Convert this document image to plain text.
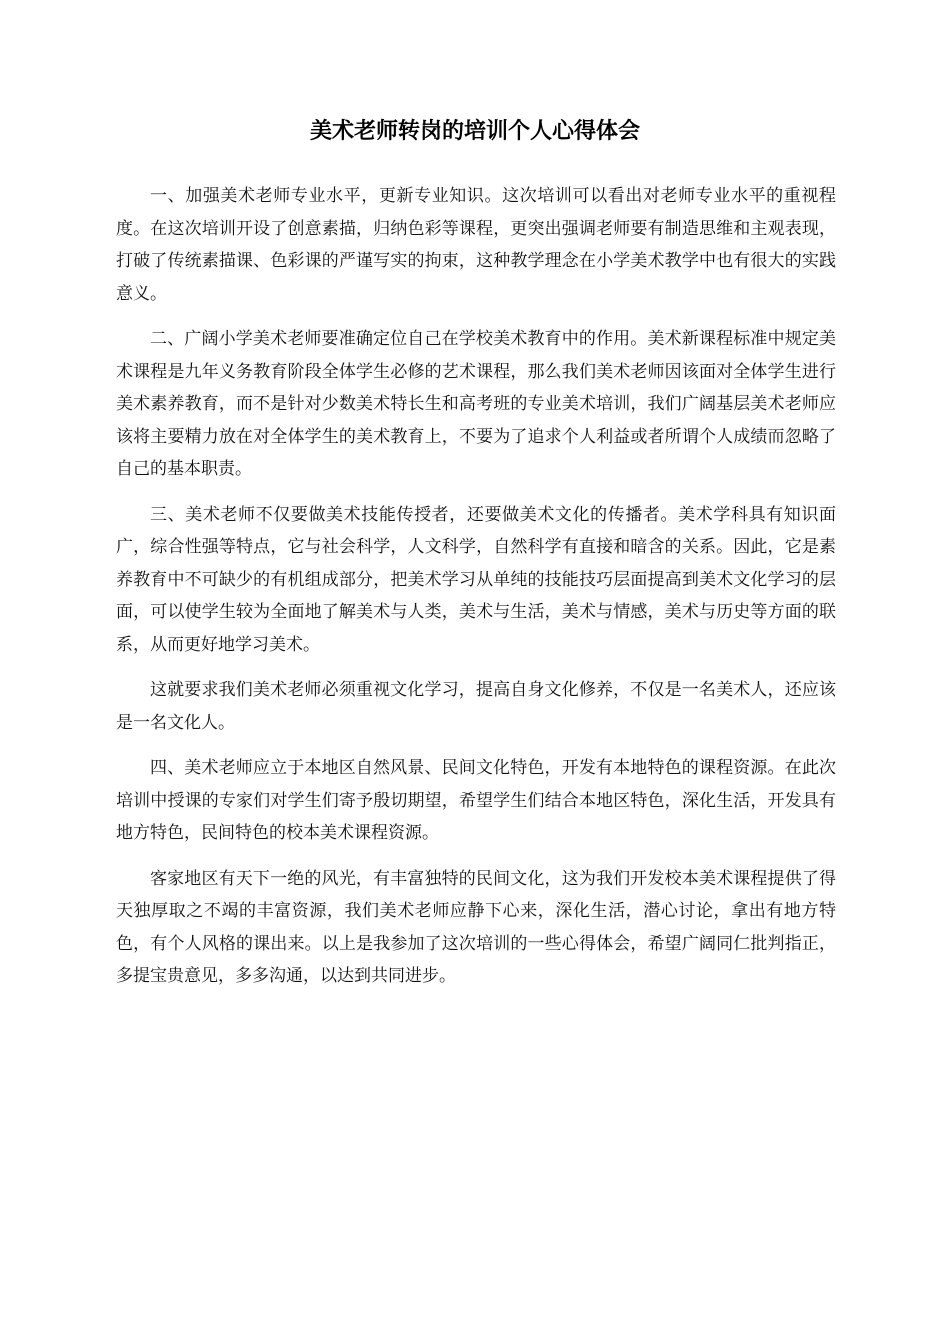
美术老师转岗的培训个人心得体会

一、加强美术老师专业水平，更新专业知识。这次培训可以看出对老师专业水平的重视程度。在这次培训开设了创意素描，归纳色彩等课程，更突出强调老师要有制造思维和主观表现，打破了传统素描课、色彩课的严谨写实的拘束，这种教学理念在小学美术教学中也有很大的实践意义。

二、广阔小学美术老师要准确定位自己在学校美术教育中的作用。美术新课程标准中规定美术课程是九年义务教育阶段全体学生必修的艺术课程，那么我们美术老师因该面对全体学生进行美术素养教育，而不是针对少数美术特长生和高考班的专业美术培训，我们广阔基层美术老师应该将主要精力放在对全体学生的美术教育上，不要为了追求个人利益或者所谓个人成绩而忽略了自己的基本职责。

三、美术老师不仅要做美术技能传授者，还要做美术文化的传播者。美术学科具有知识面广，综合性强等特点，它与社会科学，人文科学，自然科学有直接和暗含的关系。因此，它是素养教育中不可缺少的有机组成部分，把美术学习从单纯的技能技巧层面提高到美术文化学习的层面，可以使学生较为全面地了解美术与人类，美术与生活，美术与情感，美术与历史等方面的联系，从而更好地学习美术。

这就要求我们美术老师必须重视文化学习，提高自身文化修养，不仅是一名美术人，还应该是一名文化人。

四、美术老师应立于本地区自然风景、民间文化特色，开发有本地特色的课程资源。在此次培训中授课的专家们对学生们寄予殷切期望，希望学生们结合本地区特色，深化生活，开发具有地方特色，民间特色的校本美术课程资源。

客家地区有天下一绝的风光，有丰富独特的民间文化，这为我们开发校本美术课程提供了得天独厚取之不竭的丰富资源，我们美术老师应静下心来，深化生活，潜心讨论，拿出有地方特色，有个人风格的课出来。以上是我参加了这次培训的一些心得体会，希望广阔同仁批判指正，多提宝贵意见，多多沟通，以达到共同进步。
